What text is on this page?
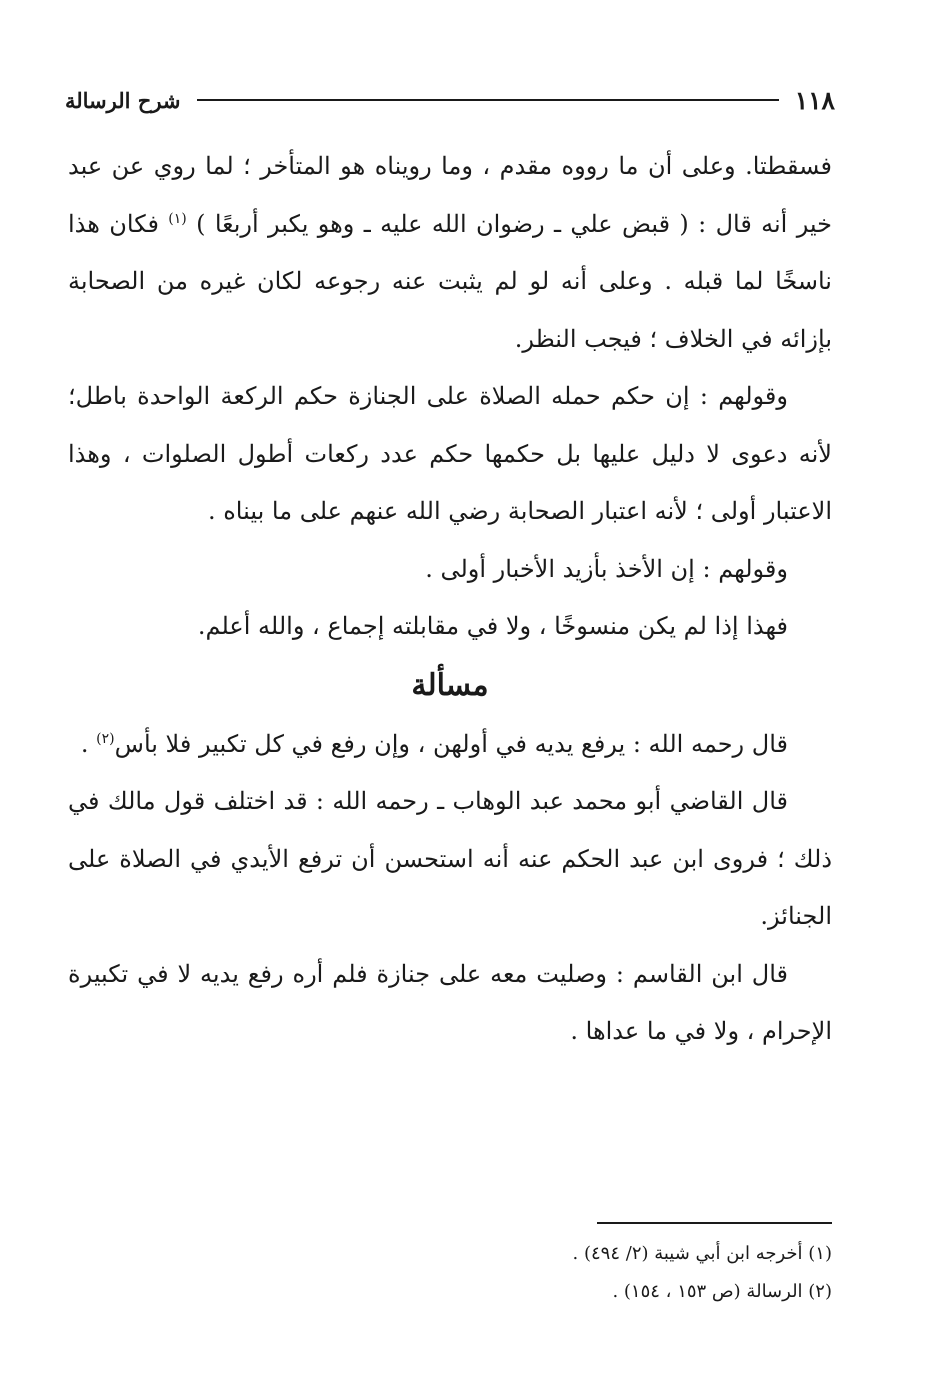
١١٨
شرح الرسالة

فسقطتا. وعلى أن ما رووه مقدم ، وما رويناه هو المتأخر ؛ لما روي عن عبد خير أنه قال : ( قبض علي ـ رضوان الله عليه ـ وهو يكبر أربعًا ) $^{(١)}$ فكان هذا ناسخًا لما قبله . وعلى أنه لو لم يثبت عنه رجوعه لكان غيره من الصحابة بإزائه في الخلاف ؛ فيجب النظر.

وقولهم : إن حكم حمله الصلاة على الجنازة حكم الركعة الواحدة باطل؛ لأنه دعوى لا دليل عليها بل حكمها حكم عدد ركعات أطول الصلوات ، وهذا الاعتبار أولى ؛ لأنه اعتبار الصحابة رضي الله عنهم على ما بيناه .

وقولهم : إن الأخذ بأزيد الأخبار أولى .

فهذا إذا لم يكن منسوخًا ، ولا في مقابلته إجماع ، والله أعلم.

مسألة

قال رحمه الله : يرفع يديه في أولهن ، وإن رفع في كل تكبير فلا بأس$^{(٢)}$ .

قال القاضي أبو محمد عبد الوهاب ـ رحمه الله : قد اختلف قول مالك في ذلك ؛ فروى ابن عبد الحكم عنه أنه استحسن أن ترفع الأيدي في الصلاة على الجنائز.

قال ابن القاسم : وصليت معه على جنازة فلم أره رفع يديه لا في تكبيرة الإحرام ، ولا في ما عداها .

(١) أخرجه ابن أبي شيبة (٢/ ٤٩٤) .

(٢) الرسالة (ص ١٥٣ ، ١٥٤) .
